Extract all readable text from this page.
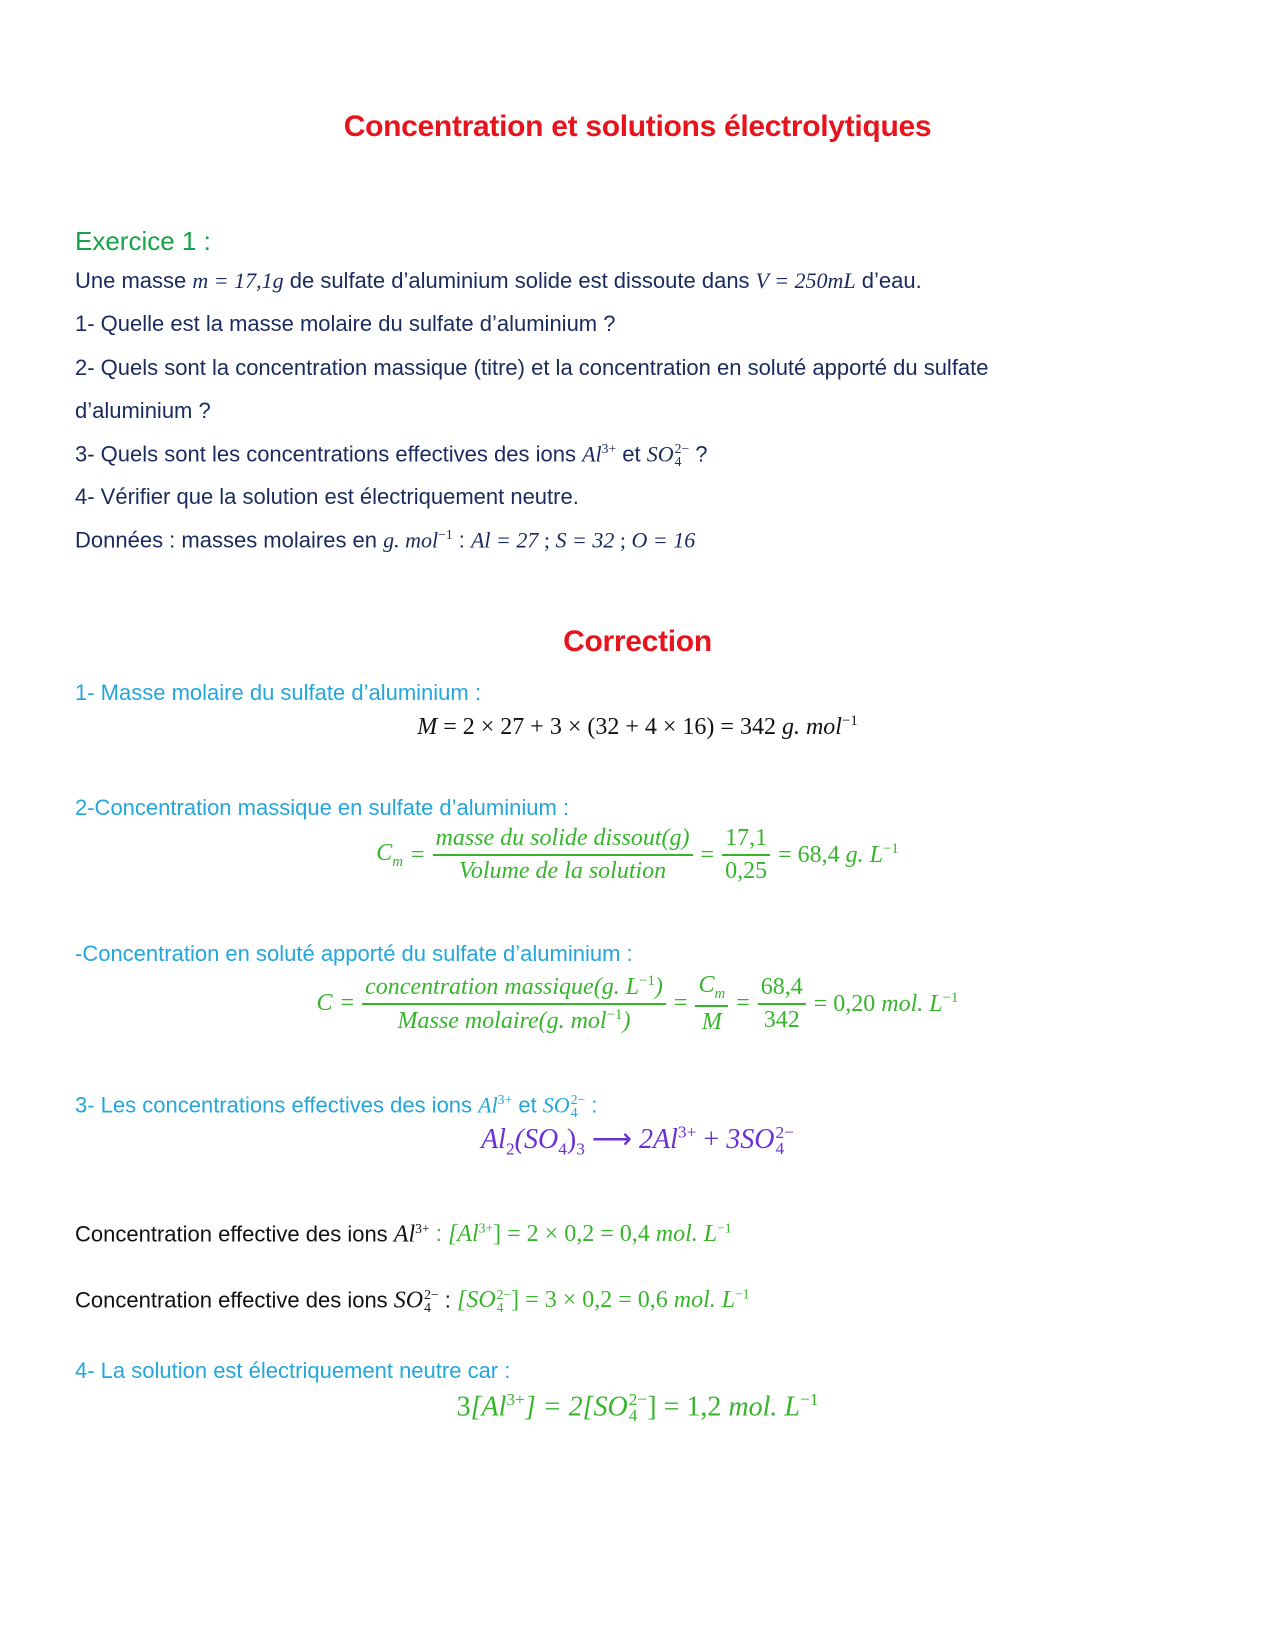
Concentration et solutions électrolytiques
Exercice 1 :
Une masse m = 17,1g de sulfate d’aluminium solide est dissoute dans V = 250mL d’eau.
1- Quelle est la masse molaire du sulfate d’aluminium ?
2- Quels sont la concentration massique (titre) et la concentration en soluté apporté du sulfate
d’aluminium ?
3- Quels sont les concentrations effectives des ions $Al^{3+}$ et SO 2−
4 ?
4- Vérifier que la solution est électriquement neutre.
Données : masses molaires en g. mol$^{-1}$ : Al = 27 ; S = 32 ; O = 16
Correction
1- Masse molaire du sulfate d’aluminium :
M = 2 × 27 + 3 × (32 + 4 × 16) = 342 g. mol$^{-1}$
2-Concentration massique en sulfate d’aluminium :
$C_m = \frac{\text{masse du solide dissout(g)}}{\text{Volume de la solution}} = \frac{17,1}{0,25} = 68,4$ g. $L^{-1}$
-Concentration en soluté apporté du sulfate d’aluminium :
$C = \frac{concentration massique(g. L^{-1})}{Masse molaire(g. mol^{-1})} = \frac{C_m}{M} = \frac{68,4}{342} = 0,20$ mol. $L^{-1}$
3- Les concentrations effectives des ions $Al^{3+}$ et SO 2−
4 :
$Al_2(SO_4)_3$ ⟶ $2Al^{3+} + 3SO$ 2−
4
Concentration effective des ions $Al^{3+}$ : $[Al^{3+}] = 2 \times 0,2 = 0,4$ mol. $L^{-1}$
Concentration effective des ions SO 2−
4 : [SO 2−
4 ] = 3 × 0,2 = 0,6 mol. $L^{-1}$
4- La solution est électriquement neutre car :
$3[Al^{3+}] = 2[SO$ 2−
4 ] = 1,2 mol. $L^{-1}$
